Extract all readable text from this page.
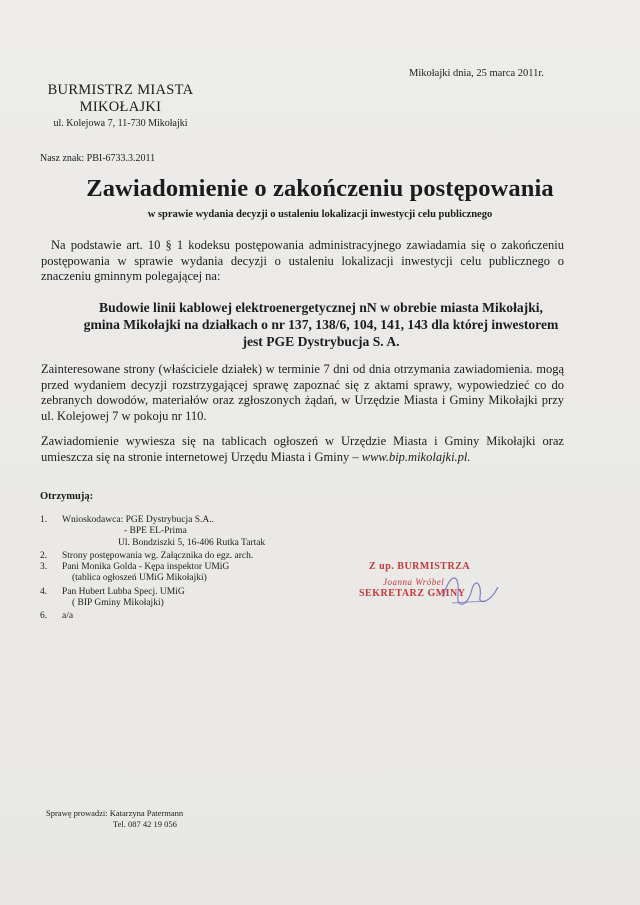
Mikołajki dnia, 25 marca 2011r.
BURMISTRZ MIASTA
MIKOŁAJKI
ul. Kolejowa 7, 11-730 Mikołajki
Nasz znak: PBI-6733.3.2011
Zawiadomienie o zakończeniu postępowania
w sprawie wydania decyzji o ustaleniu lokalizacji inwestycji celu publicznego
Na podstawie art. 10 § 1 kodeksu postępowania administracyjnego zawiadamia się o zakończeniu postępowania w sprawie wydania decyzji o ustaleniu lokalizacji inwestycji celu publicznego o znaczeniu gminnym polegającej na:
Budowie linii kablowej elektroenergetycznej nN w obrebie miasta Mikołajki,
gmina Mikołajki na działkach o nr 137, 138/6, 104, 141, 143 dla której inwestorem
jest PGE Dystrybucja S. A.
Zainteresowane strony (właściciele działek) w terminie 7 dni od dnia otrzymania zawiadomienia. mogą przed wydaniem decyzji rozstrzygającej sprawę zapoznać się z aktami sprawy, wypowiedzieć co do zebranych dowodów, materiałów oraz zgłoszonych żądań, w Urzędzie Miasta i Gminy Mikołajki przy ul. Kolejowej 7 w pokoju nr 110.
Zawiadomienie wywiesza się na tablicach ogłoszeń w Urzędzie Miasta i Gminy Mikołajki oraz umieszcza się na stronie internetowej Urzędu Miasta i Gminy – www.bip.mikolajki.pl.
Otrzymują:
1.	Wnioskodawca: PGE Dystrybucja S.A..
- BPE EL-Prima
Ul. Bondziszki 5, 16-406 Rutka Tartak
2.	Strony postępowania wg. Załącznika do egz. arch.
3.	Pani Monika Golda - Kępa inspektor UMiG
(tablica ogłoszeń UMiG Mikołajki)
4.	Pan Hubert Lubba Specj. UMiG
( BIP Gminy Mikołajki)
6.	a/a
Z up. BURMISTRZA
Joanna Wróbel
SEKRETARZ GMINY
Sprawę prowadzi: Katarzyna Patermann
Tel. 087 42 19 056
